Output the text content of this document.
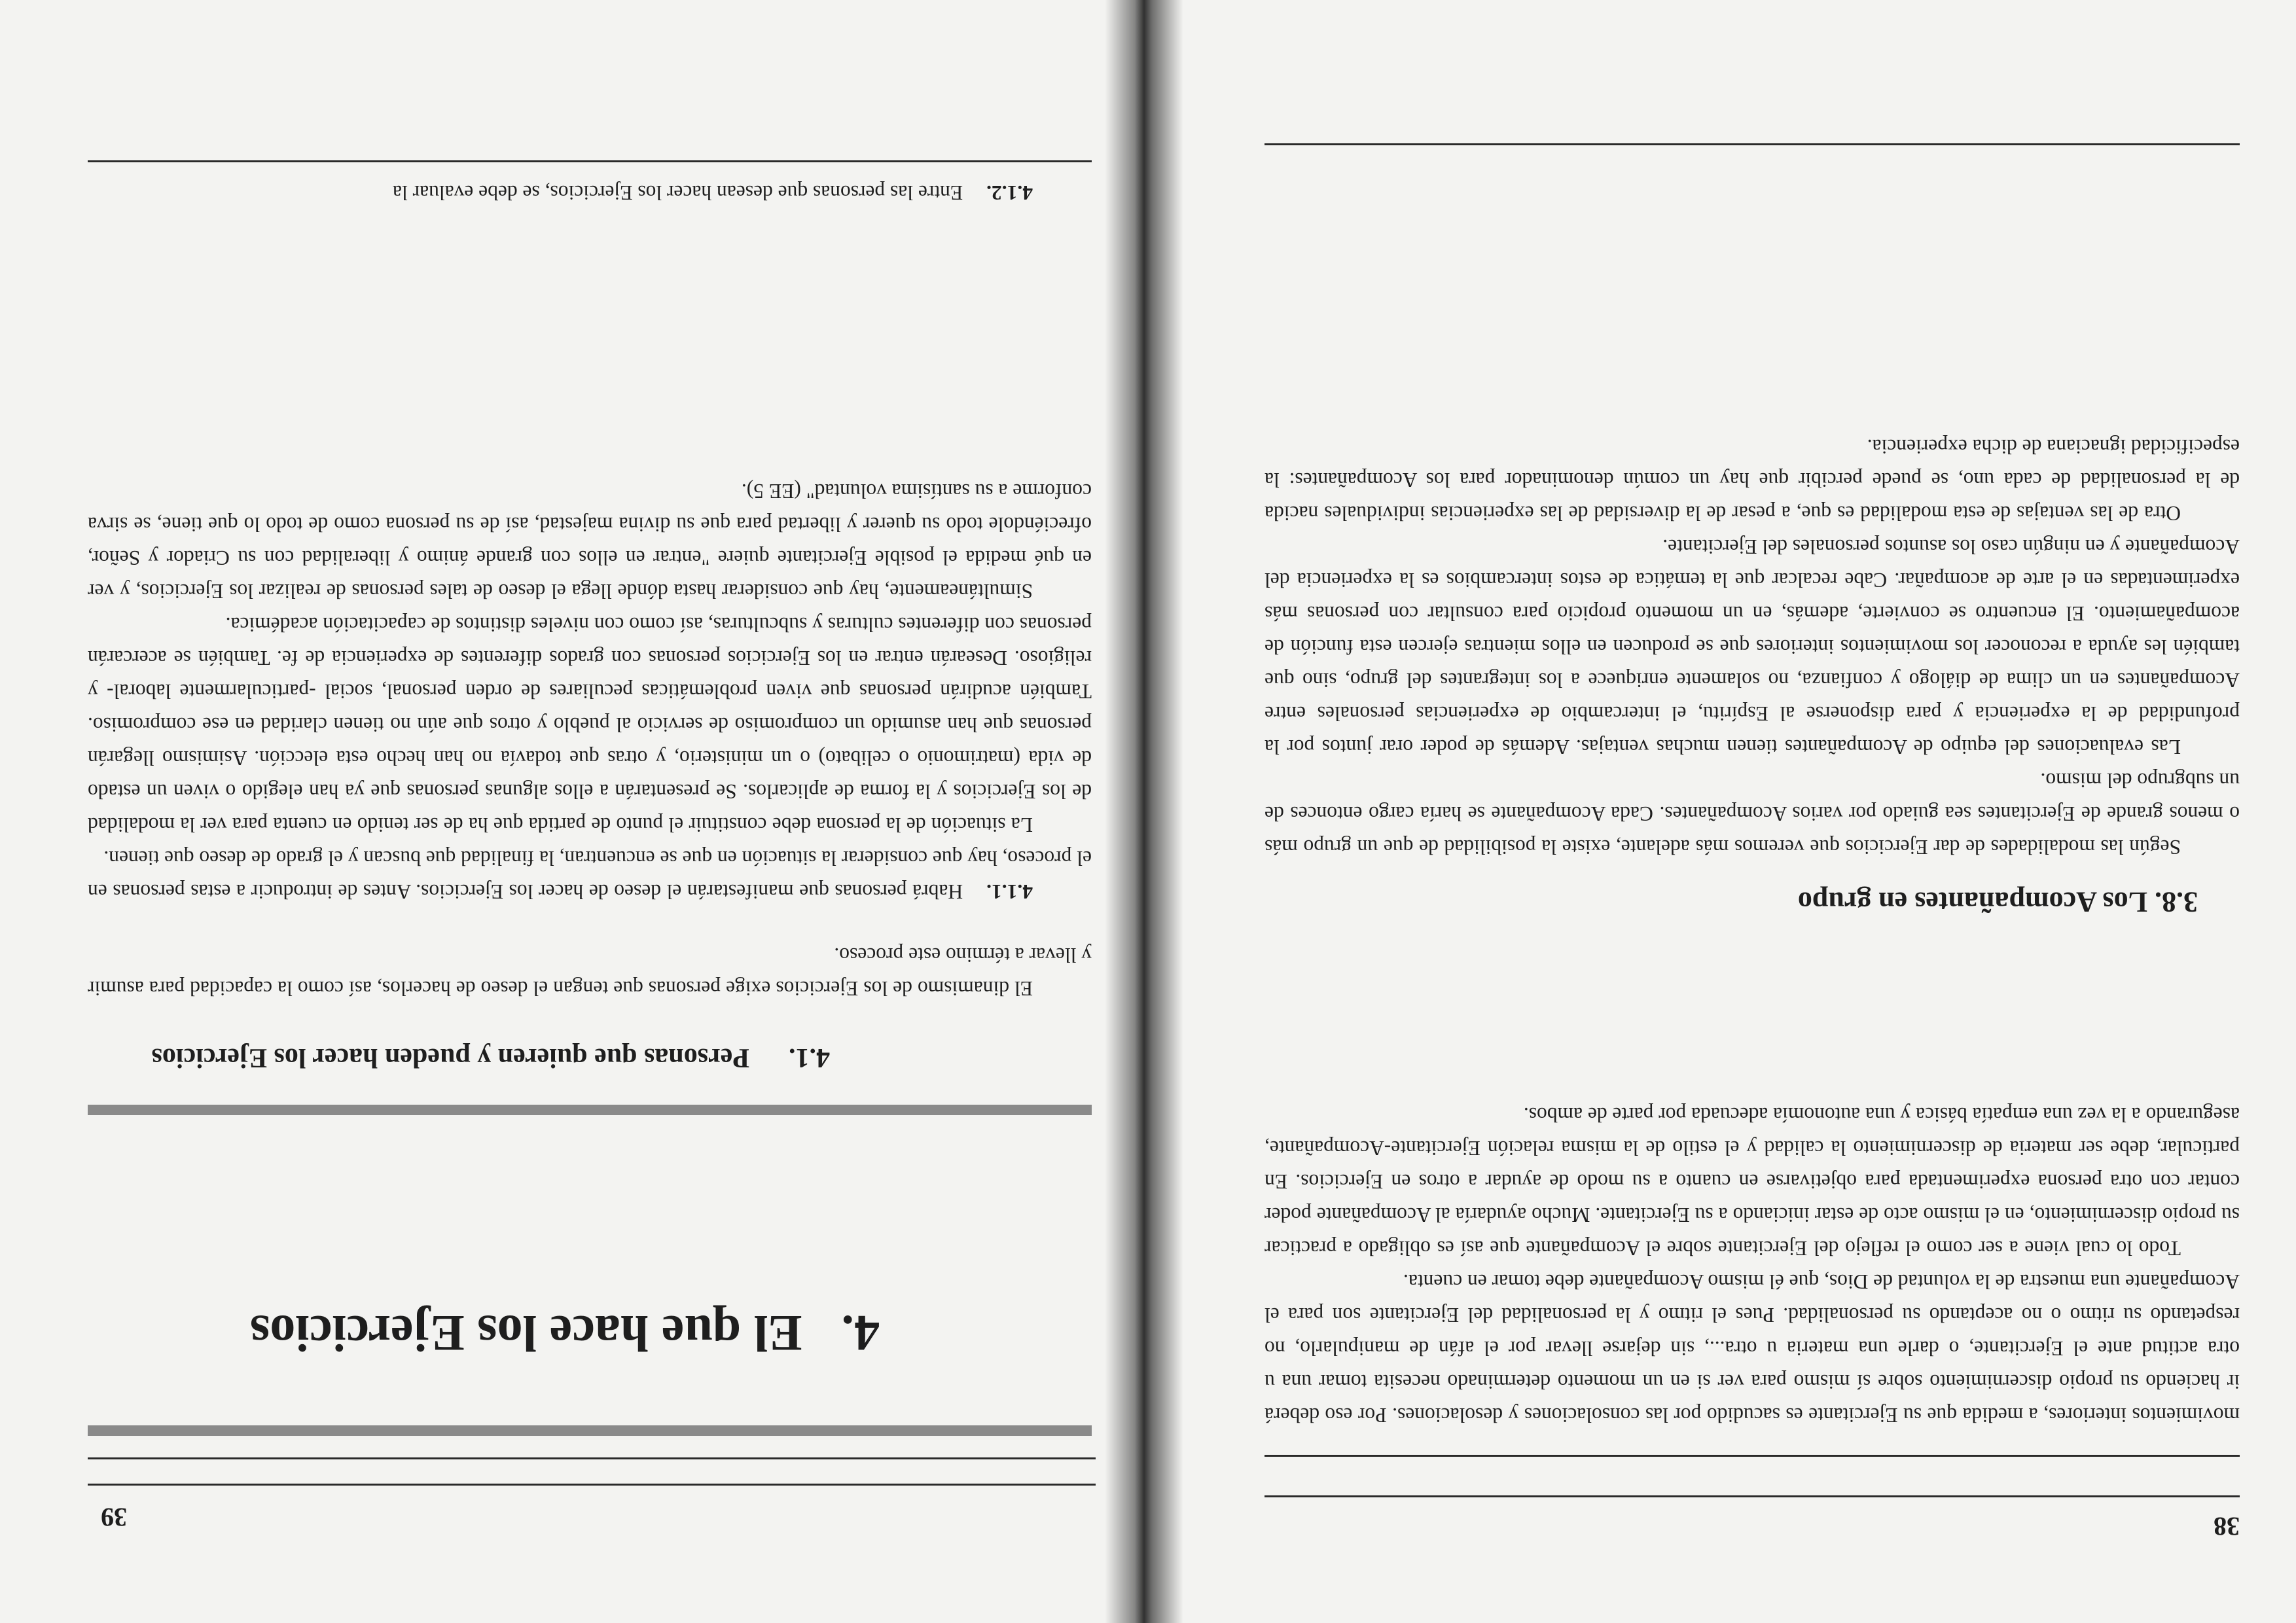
38

movimientos interiores, a medida que su Ejercitante es sacudido por las consolaciones y desolaciones. Por eso deberá ir haciendo su propio discernimiento sobre sí mismo para ver si en un momento determinado necesita tomar una u otra actitud ante el Ejercitante, o darle una materia u otra..., sin dejarse llevar por el afán de manipularlo, no respetando su ritmo o no aceptando su personalidad. Pues el ritmo y la personalidad del Ejercitante son para el Acompañante una muestra de la voluntad de Dios, que él mismo Acompañante debe tomar en cuenta.

Todo lo cual viene a ser como el reflejo del Ejercitante sobre el Acompañante que así es obligado a practicar su propio discernimiento, en el mismo acto de estar iniciando a su Ejercitante. Mucho ayudaría al Acompañante poder contar con otra persona experimentada para objetivarse en cuanto a su modo de ayudar a otros en Ejercicios. En particular, debe ser materia de discernimiento la calidad y el estilo de la misma relación Ejercitante-Acompañante, asegurando a la vez una empatía básica y una autonomía adecuada por parte de ambos.

3.8. Los Acompañantes en grupo

Según las modalidades de dar Ejercicios que veremos más adelante, existe la posibilidad de que un grupo más o menos grande de Ejercitantes sea guiado por varios Acompañantes. Cada Acompañante se haría cargo entonces de un subgrupo del mismo.

Las evaluaciones del equipo de Acompañantes tienen muchas ventajas. Además de poder orar juntos por la profundidad de la experiencia y para disponerse al Espíritu, el intercambio de experiencias personales entre Acompañantes en un clima de diálogo y confianza, no solamente enriquece a los integrantes del grupo, sino que también les ayuda a reconocer los movimientos interiores que se producen en ellos mientras ejercen esta función de acompañamiento. El encuentro se convierte, además, en un momento propicio para consultar con personas más experimentadas en el arte de acompañar. Cabe recalcar que la temática de estos intercambios es la experiencia del Acompañante y en ningún caso los asuntos personales del Ejercitante.

Otra de las ventajas de esta modalidad es que, a pesar de la diversidad de las experiencias individuales nacida de la personalidad de cada uno, se puede percibir que hay un común denominador para los Acompañantes: la especificidad ignaciana de dicha experiencia.

39
4.El que hace los Ejercicios
4.1.Personas que quieren y pueden hacer los Ejercicios

El dinamismo de los Ejercicios exige personas que tengan el deseo de hacerlos, así como la capacidad para asumir y llevar a término este proceso.

4.1.1.Habrá personas que manifestarán el deseo de hacer los Ejercicios. Antes de introducir a estas personas en el proceso, hay que considerar la situación en que se encuentran, la finalidad que buscan y el grado de deseo que tienen.

La situación de la persona debe constituir el punto de partida que ha de ser tenido en cuenta para ver la modalidad de los Ejercicios y la forma de aplicarlos. Se presentarán a ellos algunas personas que ya han elegido o viven un estado de vida (matrimonio o celibato) o un ministerio, y otras que todavía no han hecho esta elección. Asimismo llegarán personas que han asumido un compromiso de servicio al pueblo y otros que aún no tienen claridad en ese compromiso. También acudirán personas que viven problemáticas peculiares de orden personal, social -particularmente laboral- y religioso. Desearán entrar en los Ejercicios personas con grados diferentes de experiencia de fe. También se acercarán personas con diferentes culturas y subculturas, así como con niveles distintos de capacitación académica.

Simultáneamente, hay que considerar hasta dónde llega el deseo de tales personas de realizar los Ejercicios, y ver en qué medida el posible Ejercitante quiere "entrar en ellos con grande ánimo y liberalidad con su Criador y Señor, ofreciéndole todo su querer y libertad para que su divina majestad, así de su persona como de todo lo que tiene, se sirva conforme a su santísima voluntad" (EE 5).

4.1.2.Entre las personas que desean hacer los Ejercicios, se debe evaluar la
